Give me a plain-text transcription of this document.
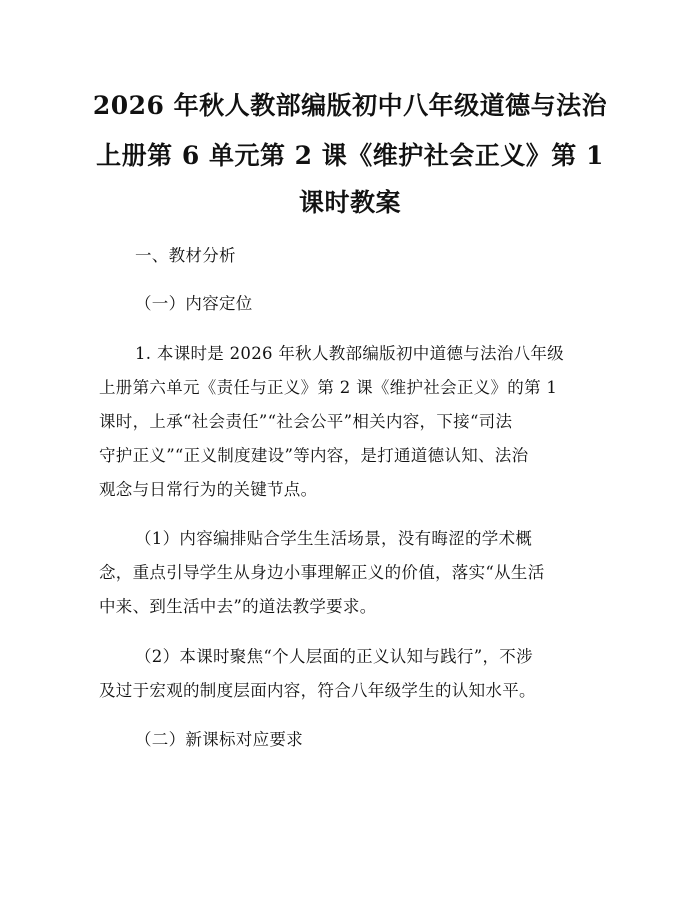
2026 年秋人教部编版初中八年级道德与法治
上册第 6 单元第 2 课《维护社会正义》第 1
课时教案
一、教材分析
（一）内容定位
1. 本课时是 2026 年秋人教部编版初中道德与法治八年级
上册第六单元《责任与正义》第 2 课《维护社会正义》的第 1
课时，上承“社会责任”“社会公平”相关内容，下接“司法
守护正义”“正义制度建设”等内容，是打通道德认知、法治
观念与日常行为的关键节点。
（1）内容编排贴合学生生活场景，没有晦涩的学术概
念，重点引导学生从身边小事理解正义的价值，落实“从生活
中来、到生活中去”的道法教学要求。
（2）本课时聚焦“个人层面的正义认知与践行”，不涉
及过于宏观的制度层面内容，符合八年级学生的认知水平。
（二）新课标对应要求
